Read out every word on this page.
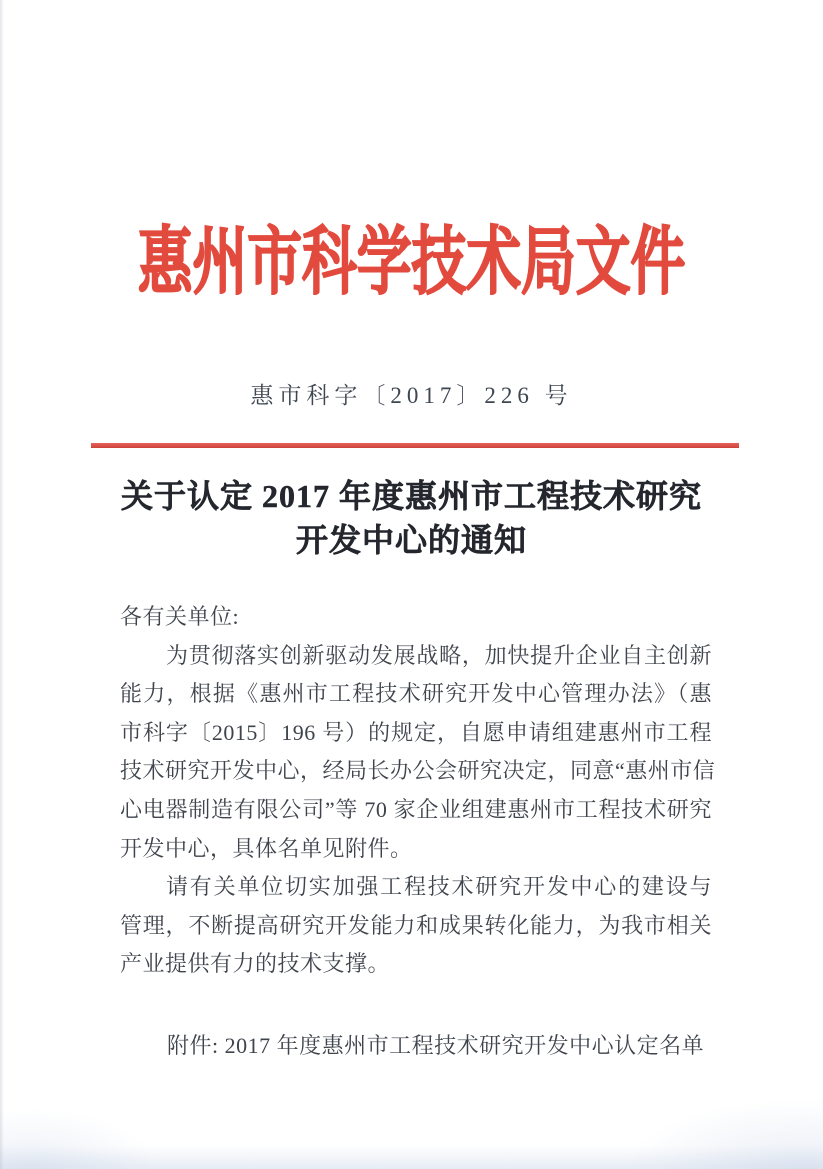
惠州市科学技术局文件
惠市科字〔2017〕226 号
关于认定 2017 年度惠州市工程技术研究
开发中心的通知
各有关单位:
为贯彻落实创新驱动发展战略，加快提升企业自主创新
能力，根据《惠州市工程技术研究开发中心管理办法》（惠
市科字〔2015〕196 号）的规定，自愿申请组建惠州市工程
技术研究开发中心，经局长办公会研究决定，同意“惠州市信
心电器制造有限公司”等 70 家企业组建惠州市工程技术研究
开发中心，具体名单见附件。
请有关单位切实加强工程技术研究开发中心的建设与
管理，不断提高研究开发能力和成果转化能力，为我市相关
产业提供有力的技术支撑。
附件: 2017 年度惠州市工程技术研究开发中心认定名单
